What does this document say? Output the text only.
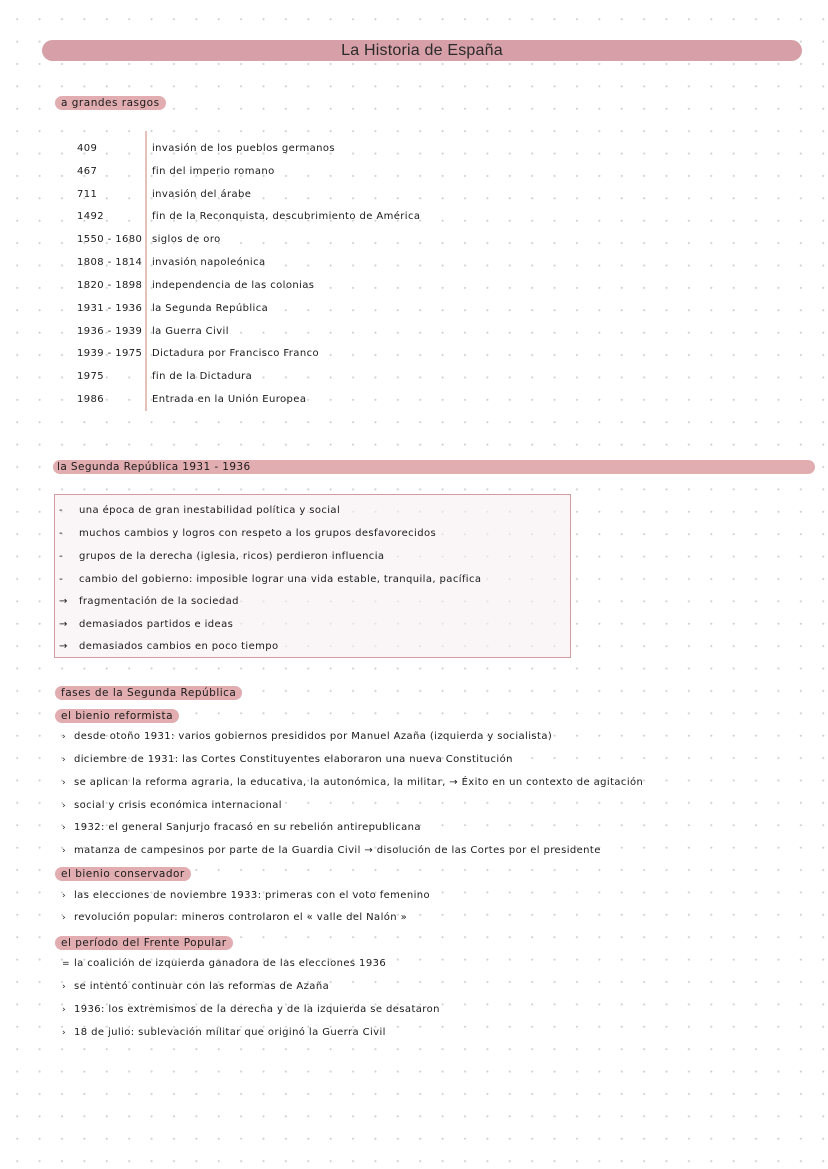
La Historia de España
a grandes rasgos
409	invasión de los pueblos germanos
467	fin del imperio romano
711	invasión del árabe
1492	fin de la Reconquista, descubrimiento de América
1550 - 1680 siglos de oro
1808 - 1814 invasión napoleónica
1820 - 1898 independencia de las colonias
1931 - 1936 la Segunda República
1936 - 1939 la Guerra Civil
1939 - 1975 Dictadura por Francisco Franco
1975	fin de la Dictadura
1986	Entrada en la Unión Europea
la Segunda República 1931 - 1936
- una época de gran inestabilidad política y social
- muchos cambios y logros con respeto a los grupos desfavorecidos
- grupos de la derecha (iglesia, ricos) perdieron influencia
- cambio del gobierno: imposible lograr una vida estable, tranquila, pacífica
→ fragmentación de la sociedad
→ demasiados partidos e ideas
→ demasiados cambios en poco tiempo
fases de la Segunda República
el bienio reformista
› desde otoño 1931: varios gobiernos presididos por Manuel Azaña (izquierda y socialista)
› diciembre de 1931: las Cortes Constituyentes elaboraron una nueva Constitución
› se aplican la reforma agraria, la educativa, la autonómica, la militar, → Éxito en un contexto de agitación
› social y crisis económica internacional
› 1932: el general Sanjurjo fracasó en su rebelión antirepublicana
› matanza de campesinos por parte de la Guardia Civil → disolución de las Cortes por el presidente
el bienio conservador
› las elecciones de noviembre 1933: primeras con el voto femenino
› revolución popular: mineros controlaron el « valle del Nalón »
el período del Frente Popular
= la coalición de izquierda ganadora de las elecciones 1936
› se intentó continuar con las reformas de Azaña
› 1936: los extremismos de la derecha y de la izquierda se desataron
› 18 de julio: sublevación militar que originó la Guerra Civil
